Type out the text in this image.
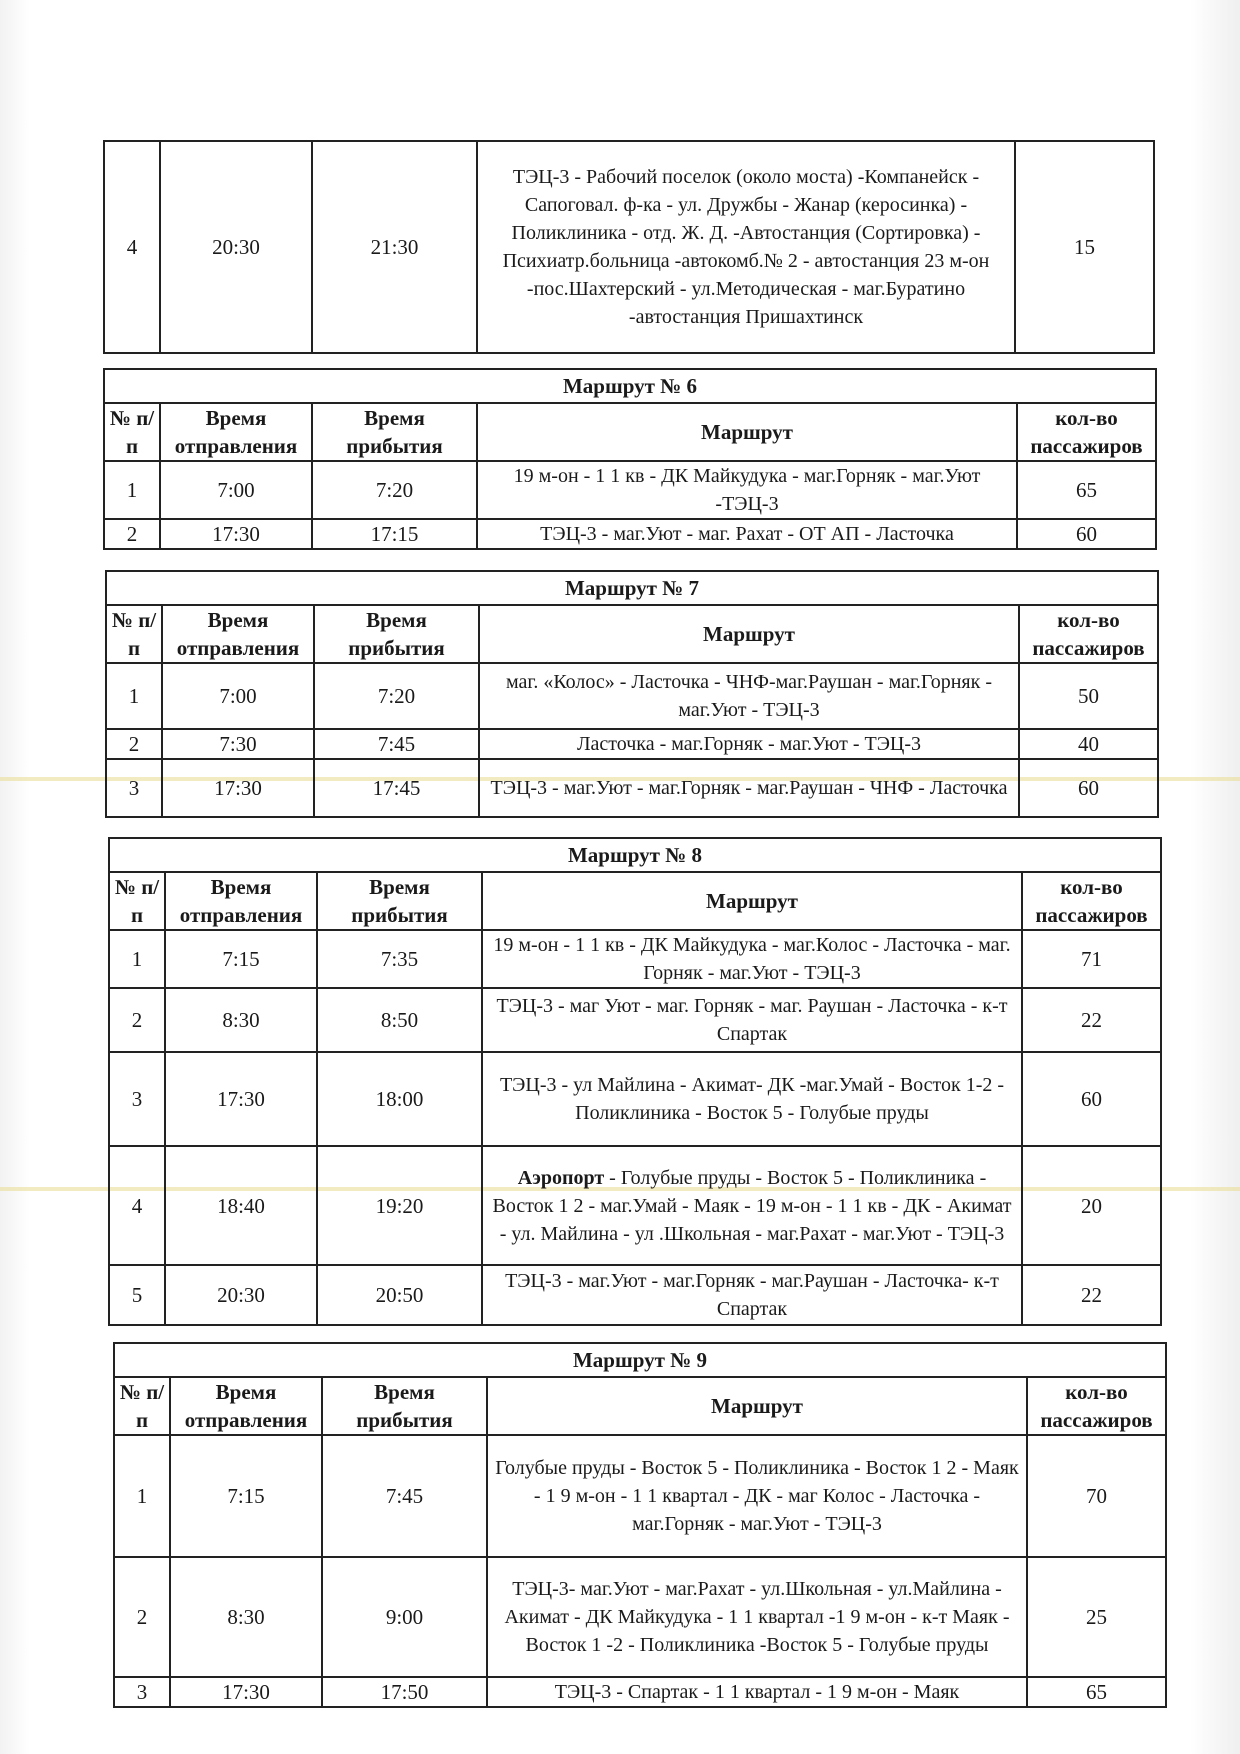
4	20:30	21:30	ТЭЦ-3 - Рабочий поселок (около моста) -Компанейск - Сапоговал. ф-ка - ул. Дружбы - Жанар (керосинка) - Поликлиника - отд. Ж. Д. -Автостанция (Сортировка) - Психиатр.больница -автокомб.№ 2 - автостанция 23 м-он -пос.Шахтерский - ул.Методическая - маг.Буратино -автостанция Пришахтинск	15
Маршрут № 6				
№ п/п	Время отправления	Время прибытия	Маршрут	кол-во пассажиров
1	7:00	7:20	19 м-он - 1 1 кв - ДК Майкудука - маг.Горняк - маг.Уют -ТЭЦ-3	65
2	17:30	17:15	ТЭЦ-3 - маг.Уют - маг. Рахат - ОТ АП - Ласточка	60
Маршрут № 7				
№ п/п	Время отправления	Время прибытия	Маршрут	кол-во пассажиров
1	7:00	7:20	маг. «Колос» - Ласточка - ЧНФ-маг.Раушан - маг.Горняк - маг.Уют - ТЭЦ-3	50
2	7:30	7:45	Ласточка - маг.Горняк - маг.Уют - ТЭЦ-3	40
3	17:30	17:45	ТЭЦ-3 - маг.Уют - маг.Горняк - маг.Раушан - ЧНФ - Ласточка	60
Маршрут № 8				
№ п/п	Время отправления	Время прибытия	Маршрут	кол-во пассажиров
1	7:15	7:35	19 м-он - 1 1 кв - ДК Майкудука - маг.Колос - Ласточка - маг. Горняк - маг.Уют - ТЭЦ-3	71
2	8:30	8:50	ТЭЦ-3 - маг Уют - маг. Горняк - маг. Раушан - Ласточка - к-т Спартак	22
3	17:30	18:00	ТЭЦ-3 - ул Майлина - Акимат- ДК -маг.Умай - Восток 1-2 - Поликлиника - Восток 5 - Голубые пруды	60
4	18:40	19:20	Аэропорт - Голубые пруды - Восток 5 - Поликлиника - Восток 1 2 - маг.Умай - Маяк - 19 м-он - 1 1 кв - ДК - Акимат - ул. Майлина - ул .Школьная - маг.Рахат - маг.Уют - ТЭЦ-3	20
5	20:30	20:50	ТЭЦ-3 - маг.Уют - маг.Горняк - маг.Раушан - Ласточка- к-т Спартак	22
Маршрут № 9				
№ п/п	Время отправления	Время прибытия	Маршрут	кол-во пассажиров
1	7:15	7:45	Голубые пруды - Восток 5 - Поликлиника - Восток 1 2 - Маяк - 1 9 м-он - 1 1 квартал - ДК - маг Колос - Ласточка - маг.Горняк - маг.Уют - ТЭЦ-3	70
2	8:30	9:00	ТЭЦ-3- маг.Уют - маг.Рахат - ул.Школьная - ул.Майлина - Акимат - ДК Майкудука - 1 1 квартал -1 9 м-он - к-т Маяк - Восток 1 -2 - Поликлиника -Восток 5 - Голубые пруды	25
3	17:30	17:50	ТЭЦ-3 - Спартак - 1 1 квартал - 1 9 м-он - Маяк	65
